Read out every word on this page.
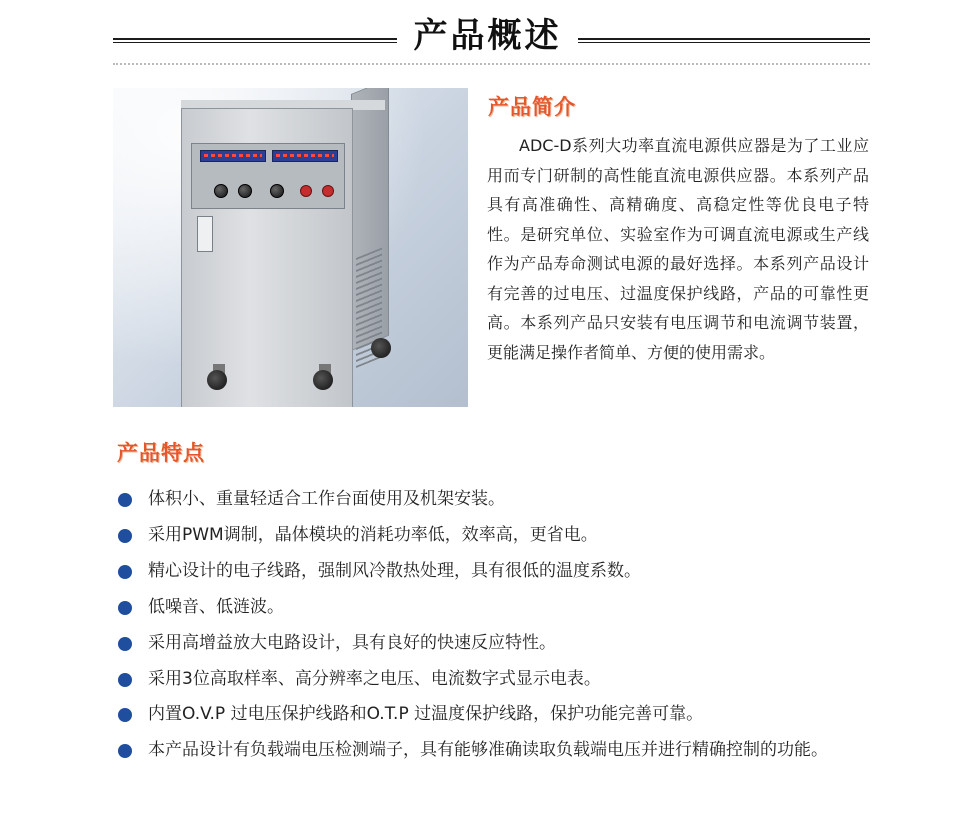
产品概述
产品简介
ADC-D系列大功率直流电源供应器是为了工业应用而专门研制的高性能直流电源供应器。本系列产品具有高准确性、高精确度、高稳定性等优良电子特性。是研究单位、实验室作为可调直流电源或生产线作为产品寿命测试电源的最好选择。本系列产品设计有完善的过电压、过温度保护线路，产品的可靠性更高。本系列产品只安装有电压调节和电流调节装置，更能满足操作者简单、方便的使用需求。
产品特点
体积小、重量轻适合工作台面使用及机架安装。
采用PWM调制，晶体模块的消耗功率低，效率高，更省电。
精心设计的电子线路，强制风冷散热处理，具有很低的温度系数。
低噪音、低涟波。
采用高增益放大电路设计，具有良好的快速反应特性。
采用3位高取样率、高分辨率之电压、电流数字式显示电表。
内置O.V.P 过电压保护线路和O.T.P 过温度保护线路，保护功能完善可靠。
本产品设计有负载端电压检测端子，具有能够准确读取负载端电压并进行精确控制的功能。
